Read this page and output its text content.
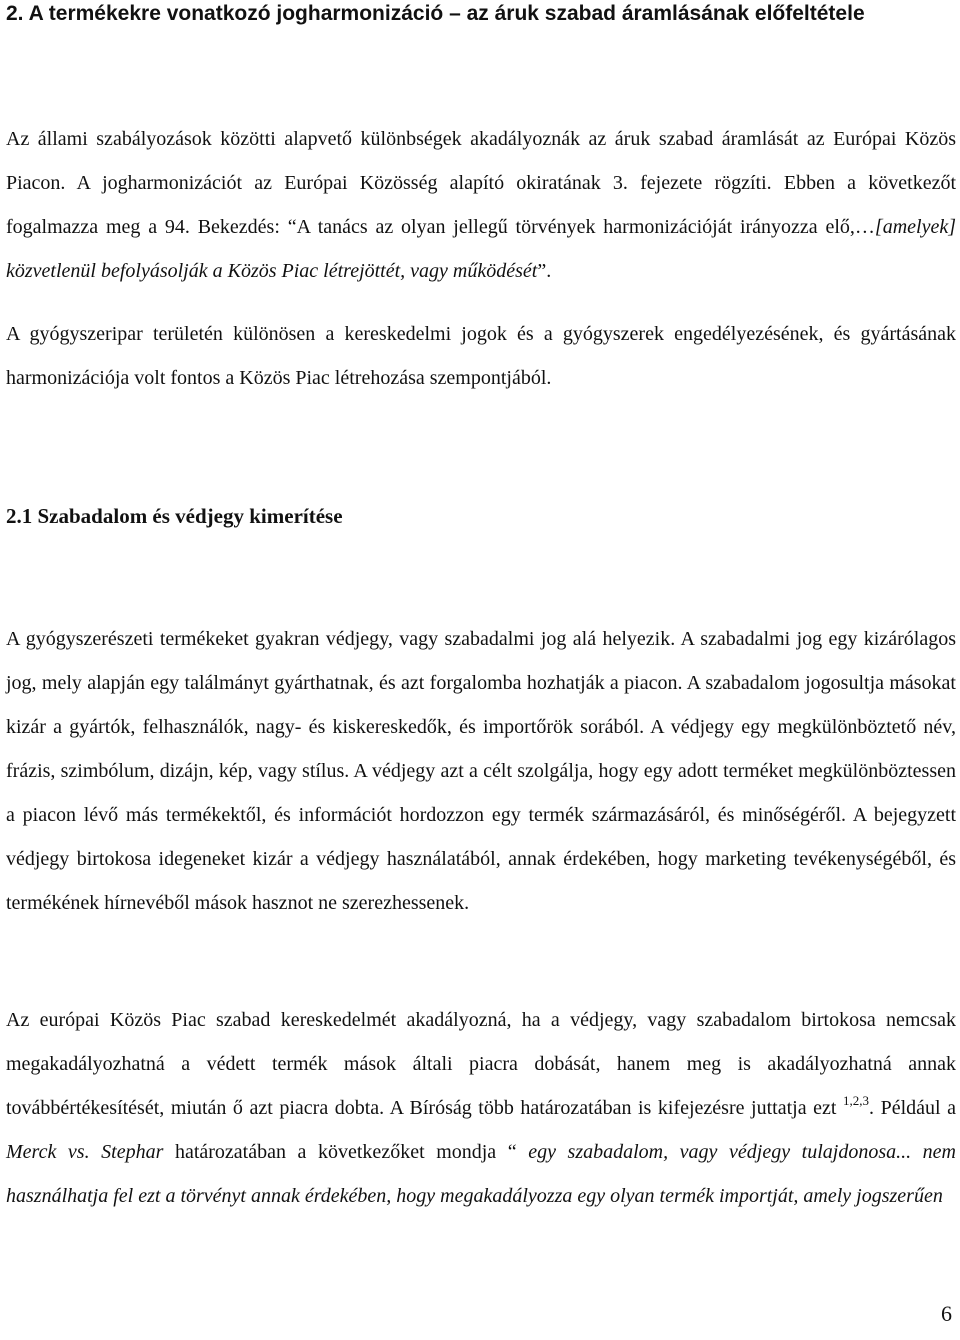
2. A termékekre vonatkozó jogharmonizáció – az áruk szabad áramlásának előfeltétele

Az állami szabályozások közötti alapvető különbségek akadályoznák az áruk szabad áramlását az Európai Közös Piacon. A jogharmonizációt az Európai Közösség alapító okiratának 3. fejezete rögzíti. Ebben a következőt fogalmazza meg a 94. Bekezdés: “A tanács az olyan jellegű törvények harmonizációját irányozza elő,…[amelyek] közvetlenül befolyásolják a Közös Piac létrejöttét, vagy működését”.

A gyógyszeripar területén különösen a kereskedelmi jogok és a gyógyszerek engedélyezésének, és gyártásának harmonizációja volt fontos a Közös Piac létrehozása szempontjából.

2.1 Szabadalom és védjegy kimerítése

A gyógyszerészeti termékeket gyakran védjegy, vagy szabadalmi jog alá helyezik. A szabadalmi jog egy kizárólagos jog, mely alapján egy találmányt gyárthatnak, és azt forgalomba hozhatják a piacon. A szabadalom jogosultja másokat kizár a gyártók, felhasználók, nagy- és kiskereskedők, és importőrök sorából. A védjegy egy megkülönböztető név, frázis, szimbólum, dizájn, kép, vagy stílus. A védjegy azt a célt szolgálja, hogy egy adott terméket megkülönböztessen a piacon lévő más termékektől, és információt hordozzon egy termék származásáról, és minőségéről. A bejegyzett védjegy birtokosa idegeneket kizár a védjegy használatából, annak érdekében, hogy marketing tevékenységéből, és termékének hírnevéből mások hasznot ne szerezhessenek.

Az európai Közös Piac szabad kereskedelmét akadályozná, ha a védjegy, vagy szabadalom birtokosa nemcsak megakadályozhatná a védett termék mások általi piacra dobását, hanem meg is akadályozhatná annak továbbértékesítését, miután ő azt piacra dobta. A Bíróság több határozatában is kifejezésre juttatja ezt $^{1,2,3}$. Például a Merck vs. Stephar határozatában a következőket mondja “ egy szabadalom, vagy védjegy tulajdonosa... nem használhatja fel ezt a törvényt annak érdekében, hogy megakadályozza egy olyan termék importját, amely jogszerűen

6
